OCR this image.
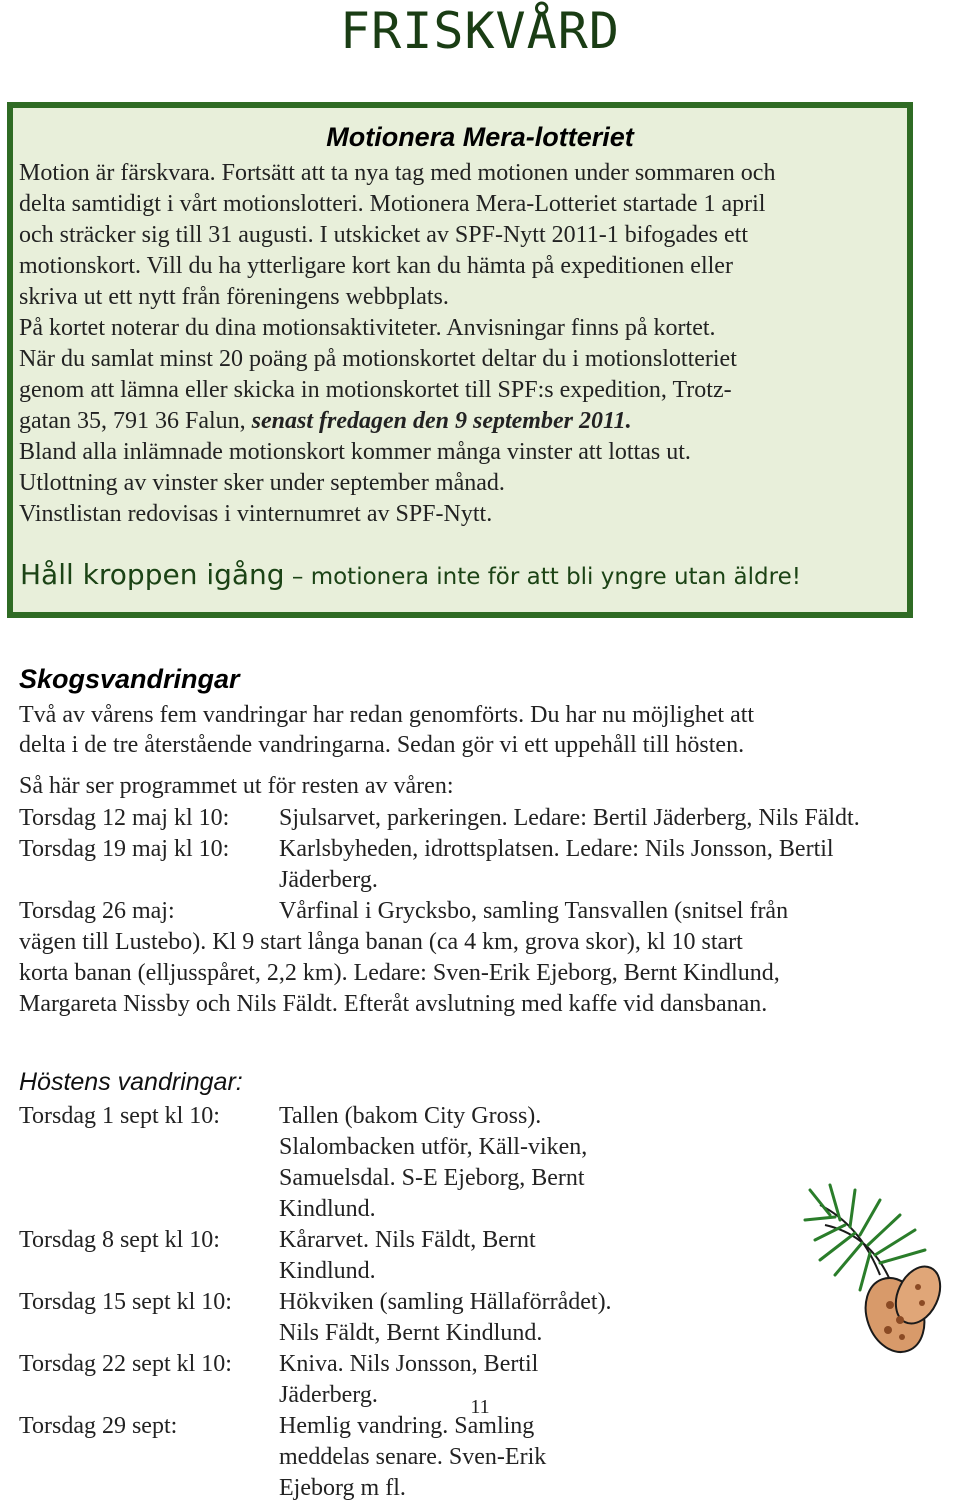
FRISKVÅRD
Motionera Mera-lotteriet
Motion är färskvara. Fortsätt att ta nya tag med motionen under sommaren och
delta samtidigt i vårt motionslotteri. Motionera Mera-Lotteriet startade 1 april
och sträcker sig till 31 augusti. I utskicket av SPF-Nytt 2011-1 bifogades ett
motionskort. Vill du ha ytterligare kort kan du hämta på expeditionen eller
skriva ut ett nytt från föreningens webbplats.
På kortet noterar du dina motionsaktiviteter. Anvisningar finns på kortet.
När du samlat minst 20 poäng på motionskortet deltar du i motionslotteriet
genom att lämna eller skicka in motionskortet till SPF:s expedition, Trotz-
gatan 35, 791 36 Falun, senast fredagen den 9 september 2011.
Bland alla inlämnade motionskort kommer många vinster att lottas ut.
Utlottning av vinster sker under september månad.
Vinstlistan redovisas i vinternumret av SPF-Nytt.
Håll kroppen igång – motionera inte för att bli yngre utan äldre!
Skogsvandringar
Två av vårens fem vandringar har redan genomförts. Du har nu möjlighet att
delta i de tre återstående vandringarna. Sedan gör vi ett uppehåll till hösten.
Så här ser programmet ut för resten av våren:
Torsdag 12 maj kl 10:	Sjulsarvet, parkeringen. Ledare: Bertil Jäderberg, Nils Fäldt.
Torsdag 19 maj kl 10:	Karlsbyheden, idrottsplatsen. Ledare: Nils Jonsson, Bertil Jäderberg.
Torsdag 26 maj:	Vårfinal i Grycksbo, samling Tansvallen (snitsel från
vägen till Lustebo). Kl 9 start långa banan (ca 4 km, grova skor), kl 10 start
korta banan (elljusspåret, 2,2 km). Ledare: Sven-Erik Ejeborg, Bernt Kindlund,
Margareta Nissby och Nils Fäldt. Efteråt avslutning med kaffe vid dansbanan.
Höstens vandringar:
Torsdag 1 sept kl 10:	Tallen (bakom City Gross). Slalombacken utför, Käll-viken, Samuelsdal. S-E Ejeborg, Bernt Kindlund.
Torsdag 8 sept kl 10:	Kårarvet. Nils Fäldt, Bernt Kindlund.
Torsdag 15 sept kl 10:	Hökviken (samling Hällaförrådet). Nils Fäldt, Bernt Kindlund.
Torsdag 22 sept kl 10:	Kniva. Nils Jonsson, Bertil Jäderberg.
Torsdag 29 sept:	Hemlig vandring. Samling meddelas senare. Sven-Erik Ejeborg m fl.
11
